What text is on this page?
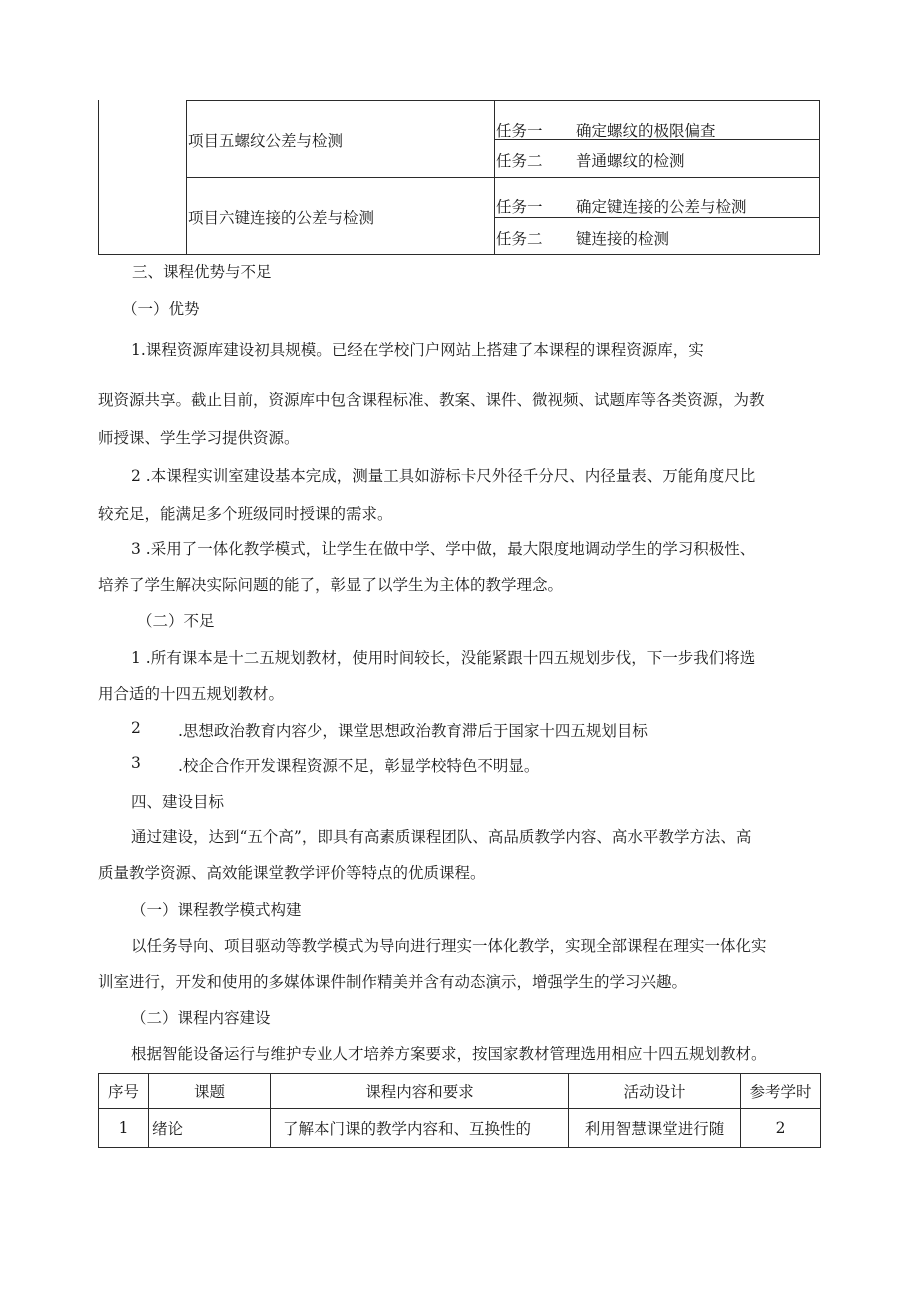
项目五螺纹公差与检测
任务一 确定螺纹的极限偏查
任务二 普通螺纹的检测
项目六键连接的公差与检测
任务一 确定键连接的公差与检测
任务二 键连接的检测
三、课程优势与不足
（一）优势
1.课程资源库建设初具规模。已经在学校门户网站上搭建了本课程的课程资源库，实
现资源共享。截止目前，资源库中包含课程标准、教案、课件、微视频、试题库等各类资源，为教
师授课、学生学习提供资源。
2 .本课程实训室建设基本完成，测量工具如游标卡尺外径千分尺、内径量表、万能角度尺比
较充足，能满足多个班级同时授课的需求。
3 .采用了一体化教学模式，让学生在做中学、学中做，最大限度地调动学生的学习积极性、
培养了学生解决实际问题的能了，彰显了以学生为主体的教学理念。
（二）不足
1 .所有课本是十二五规划教材，使用时间较长，没能紧跟十四五规划步伐，下一步我们将选
用合适的十四五规划教材。
2 .思想政治教育内容少，课堂思想政治教育滞后于国家十四五规划目标
3 .校企合作开发课程资源不足，彰显学校特色不明显。
四、建设目标
通过建设，达到“五个高”，即具有高素质课程团队、高品质教学内容、高水平教学方法、高
质量教学资源、高效能课堂教学评价等特点的优质课程。
（一）课程教学模式构建
以任务导向、项目驱动等教学模式为导向进行理实一体化教学，实现全部课程在理实一体化实
训室进行，开发和使用的多媒体课件制作精美并含有动态演示，增强学生的学习兴趣。
（二）课程内容建设
根据智能设备运行与维护专业人才培养方案要求，按国家教材管理选用相应十四五规划教材。
序号	课题	课程内容和要求	活动设计	参考学时
1	绪论	了解本门课的教学内容和、互换性的	利用智慧课堂进行随	2
